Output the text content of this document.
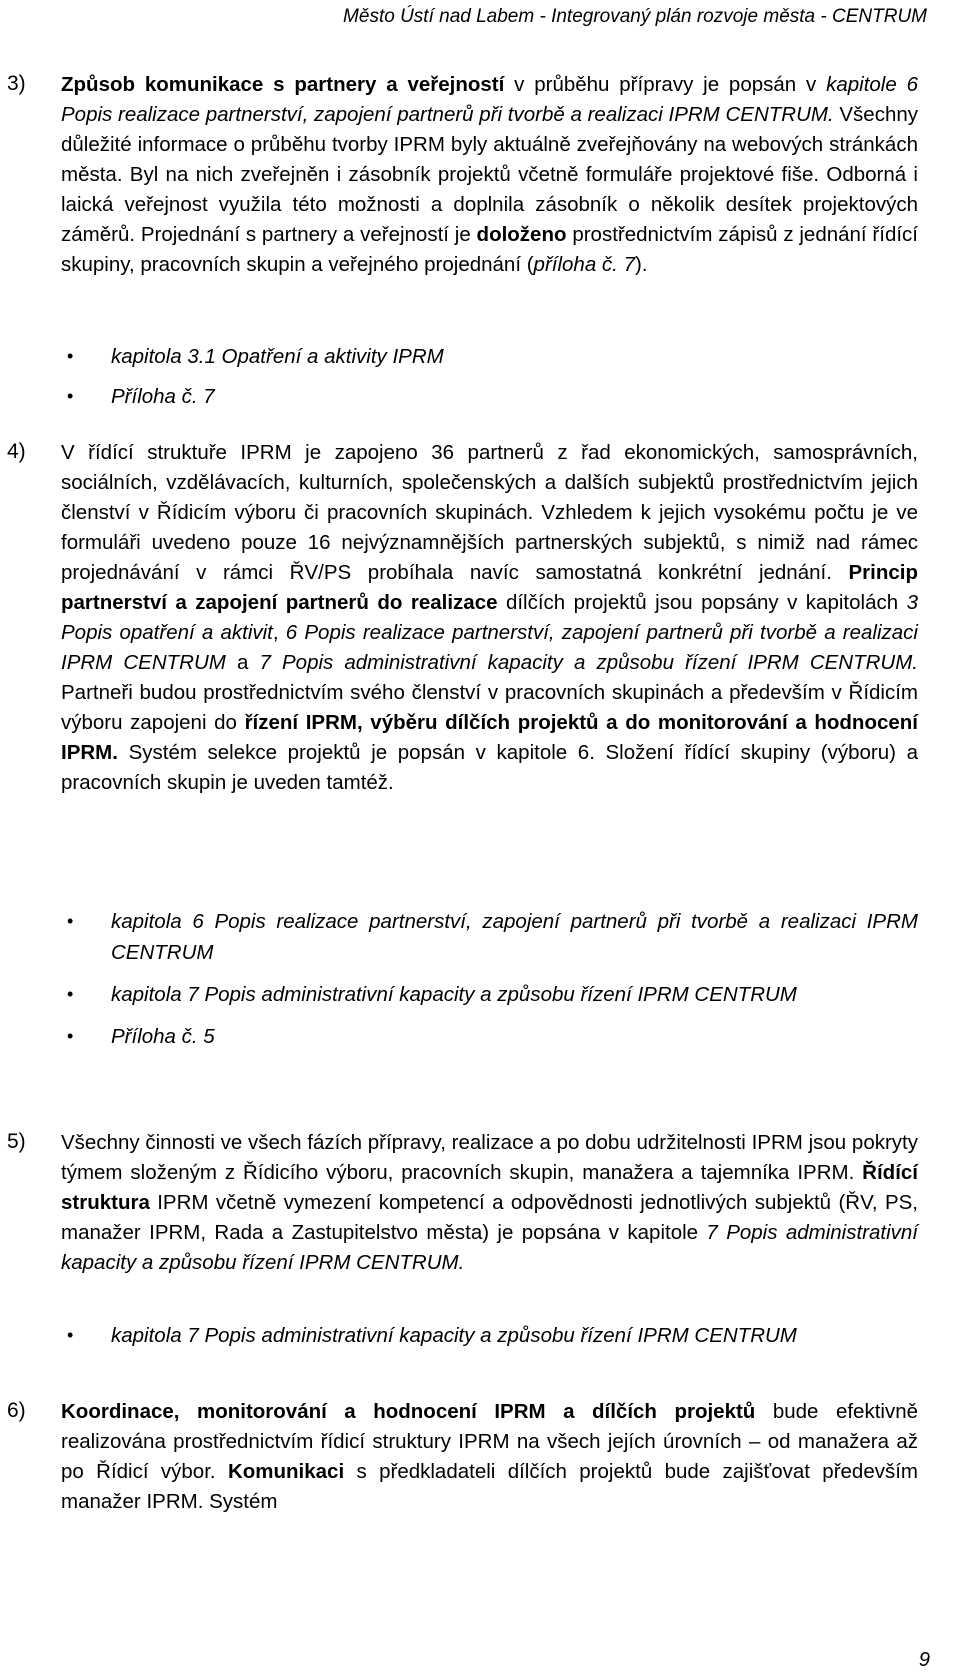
Město Ústí nad Labem - Integrovaný plán rozvoje města - CENTRUM
3) Způsob komunikace s partnery a veřejností v průběhu přípravy je popsán v kapitole 6 Popis realizace partnerství, zapojení partnerů při tvorbě a realizaci IPRM CENTRUM. Všechny důležité informace o průběhu tvorby IPRM byly aktuálně zveřejňovány na webových stránkách města. Byl na nich zveřejněn i zásobník projektů včetně formuláře projektové fiše. Odborná i laická veřejnost využila této možnosti a doplnila zásobník o několik desítek projektových záměrů. Projednání s partnery a veřejností je doloženo prostřednictvím zápisů z jednání řídící skupiny, pracovních skupin a veřejného projednání (příloha č. 7).

• kapitola 3.1 Opatření a aktivity IPRM
• Příloha č. 7
4) V řídící struktuře IPRM je zapojeno 36 partnerů z řad ekonomických, samosprávních, sociálních, vzdělávacích, kulturních, společenských a dalších subjektů prostřednictvím jejich členství v Řídicím výboru či pracovních skupinách. Vzhledem k jejich vysokému počtu je ve formuláři uvedeno pouze 16 nejvýznamnějších partnerských subjektů, s nimiž nad rámec projednávání v rámci ŘV/PS probíhala navíc samostatná konkrétní jednání. Princip partnerství a zapojení partnerů do realizace dílčích projektů jsou popsány v kapitolách 3 Popis opatření a aktivit, 6 Popis realizace partnerství, zapojení partnerů při tvorbě a realizaci IPRM CENTRUM a 7 Popis administrativní kapacity a způsobu řízení IPRM CENTRUM. Partneři budou prostřednictvím svého členství v pracovních skupinách a především v Řídicím výboru zapojeni do řízení IPRM, výběru dílčích projektů a do monitorování a hodnocení IPRM. Systém selekce projektů je popsán v kapitole 6. Složení řídící skupiny (výboru) a pracovních skupin je uveden tamtéž.

• kapitola 6 Popis realizace partnerství, zapojení partnerů při tvorbě a realizaci IPRM CENTRUM
• kapitola 7 Popis administrativní kapacity a způsobu řízení IPRM CENTRUM
• Příloha č. 5
5) Všechny činnosti ve všech fázích přípravy, realizace a po dobu udržitelnosti IPRM jsou pokryty týmem složeným z Řídicího výboru, pracovních skupin, manažera a tajemníka IPRM. Řídící struktura IPRM včetně vymezení kompetencí a odpovědnosti jednotlivých subjektů (ŘV, PS, manažer IPRM, Rada a Zastupitelstvo města) je popsána v kapitole 7 Popis administrativní kapacity a způsobu řízení IPRM CENTRUM.

• kapitola 7 Popis administrativní kapacity a způsobu řízení IPRM CENTRUM
6) Koordinace, monitorování a hodnocení IPRM a dílčích projektů bude efektivně realizována prostřednictvím řídicí struktury IPRM na všech jejích úrovních – od manažera až po Řídicí výbor. Komunikaci s předkladateli dílčích projektů bude zajišťovat především manažer IPRM. Systém

9
